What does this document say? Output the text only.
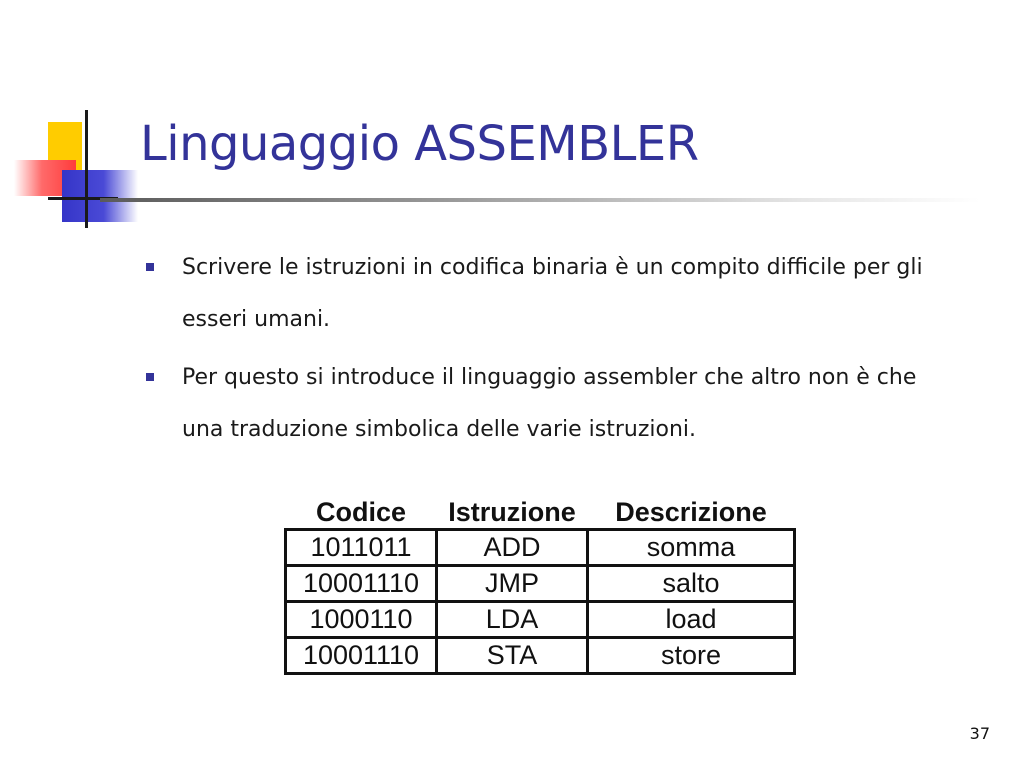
Linguaggio ASSEMBLER
Scrivere le istruzioni in codifica binaria è un compito difficile per gli esseri umani.
Per questo si introduce il linguaggio assembler che altro non è che una traduzione simbolica delle varie istruzioni.
Codice	Istruzione	Descrizione
1011011	ADD	somma
10001110	JMP	salto
1000110	LDA	load
10001110	STA	store
37
